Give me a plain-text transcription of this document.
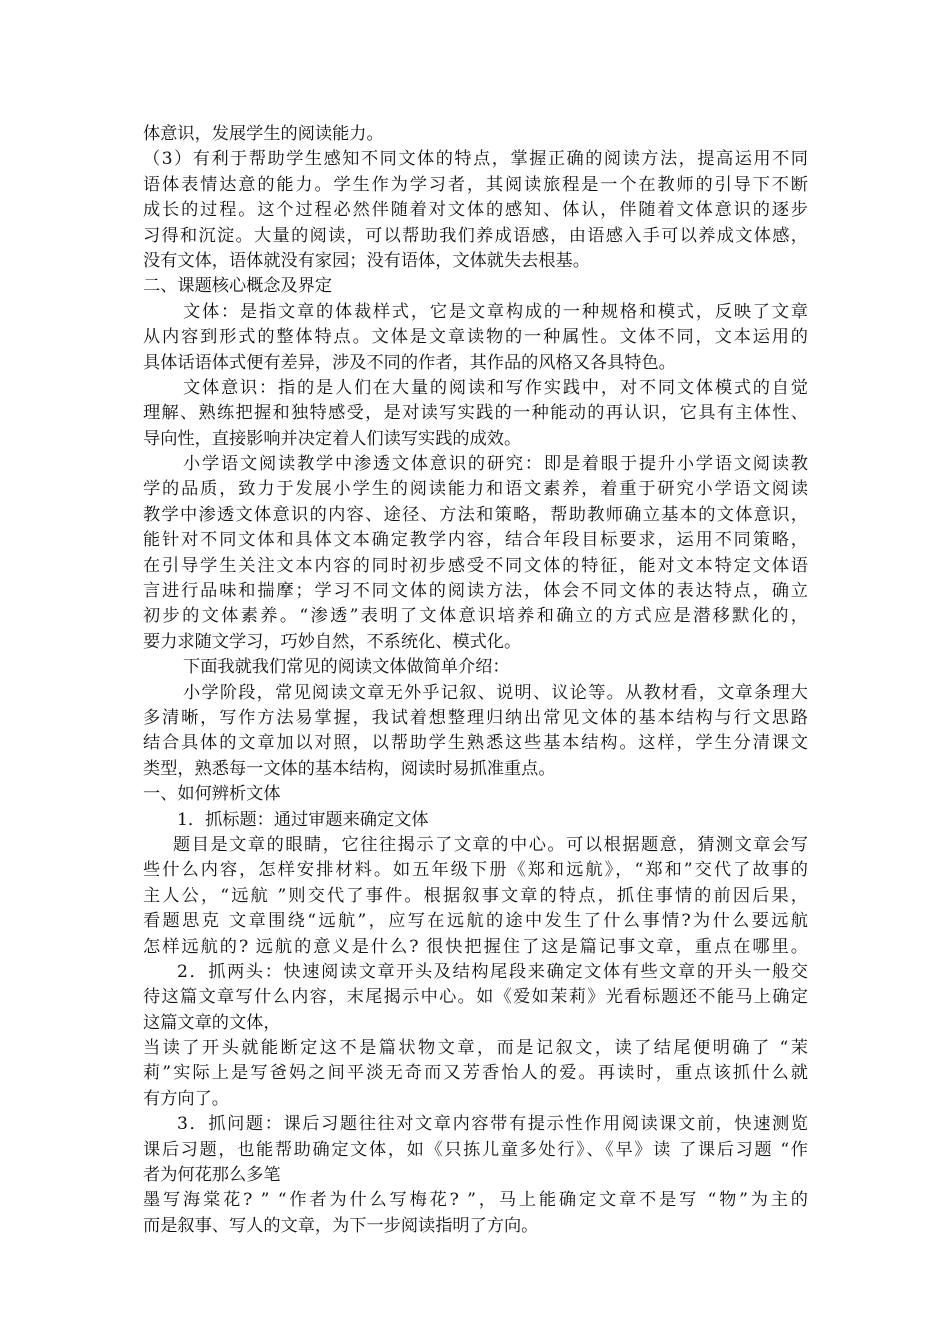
体意识，发展学生的阅读能力。
（3）有利于帮助学生感知不同文体的特点，掌握正确的阅读方法，提高运用不同
语体表情达意的能力。学生作为学习者，其阅读旅程是一个在教师的引导下不断
成长的过程。这个过程必然伴随着对文体的感知、体认，伴随着文体意识的逐步
习得和沉淀。大量的阅读，可以帮助我们养成语感，由语感入手可以养成文体感，
没有文体，语体就没有家园；没有语体，文体就失去根基。
二、课题核心概念及界定
文体：是指文章的体裁样式，它是文章构成的一种规格和模式，反映了文章
从内容到形式的整体特点。文体是文章读物的一种属性。文体不同，文本运用的
具体话语体式便有差异，涉及不同的作者，其作品的风格又各具特色。
文体意识：指的是人们在大量的阅读和写作实践中，对不同文体模式的自觉
理解、熟练把握和独特感受，是对读写实践的一种能动的再认识，它具有主体性、
导向性，直接影响并决定着人们读写实践的成效。
小学语文阅读教学中渗透文体意识的研究：即是着眼于提升小学语文阅读教
学的品质，致力于发展小学生的阅读能力和语文素养，着重于研究小学语文阅读
教学中渗透文体意识的内容、途径、方法和策略，帮助教师确立基本的文体意识，
能针对不同文体和具体文本确定教学内容，结合年段目标要求，运用不同策略，
在引导学生关注文本内容的同时初步感受不同文体的特征，能对文本特定文体语
言进行品味和揣摩；学习不同文体的阅读方法，体会不同文体的表达特点，确立
初步的文体素养。“渗透”表明了文体意识培养和确立的方式应是潜移默化的，
要力求随文学习，巧妙自然，不系统化、模式化。
下面我就我们常见的阅读文体做简单介绍：
小学阶段，常见阅读文章无外乎记叙、说明、议论等。从教材看，文章条理大
多清晰，写作方法易掌握，我试着想整理归纳出常见文体的基本结构与行文思路
结合具体的文章加以对照，以帮助学生熟悉这些基本结构。这样，学生分清课文
类型，熟悉每一文体的基本结构，阅读时易抓准重点。
一、如何辨析文体
1．抓标题：通过审题来确定文体
题目是文章的眼睛，它往往揭示了文章的中心。可以根据题意，猜测文章会写
些什么内容，怎样安排材料。如五年级下册《郑和远航》，“郑和”交代了故事的
主人公，“远航 ”则交代了事件。根据叙事文章的特点，抓住事情的前因后果，
看题思克 文章围绕“远航”，应写在远航的途中发生了什么事情?为什么要远航
怎样远航的? 远航的意义是什么? 很快把握住了这是篇记事文章，重点在哪里。
2．抓两头：快速阅读文章开头及结构尾段来确定文体有些文章的开头一般交
待这篇文章写什么内容，末尾揭示中心。如《爱如茉莉》光看标题还不能马上确定
这篇文章的文体，
当读了开头就能断定这不是篇状物文章，而是记叙文，读了结尾便明确了 “茉
莉”实际上是写爸妈之间平淡无奇而又芳香怡人的爱。再读时，重点该抓什么就
有方向了。
3．抓问题：课后习题往往对文章内容带有提示性作用阅读课文前，快速测览
课后习题，也能帮助确定文体，如《只拣儿童多处行》、《早》读 了课后习题 “作
者为何花那么多笔
墨写海棠花? ” “作者为什么写梅花? ”，马上能确定文章不是写 “物”为主的
而是叙事、写人的文章，为下一步阅读指明了方向。
